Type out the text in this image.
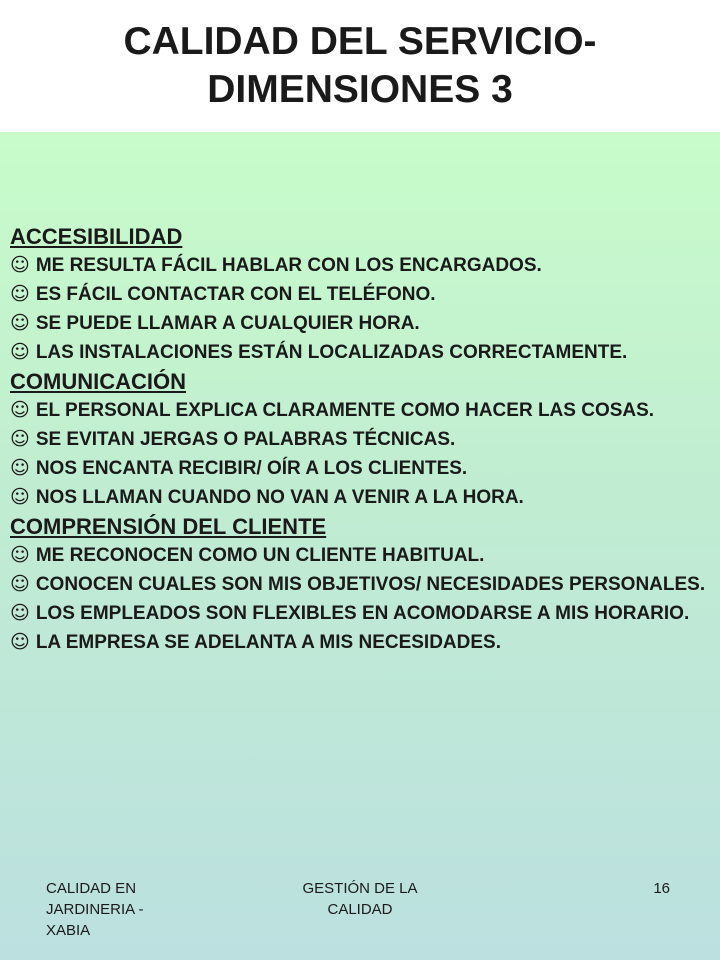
CALIDAD DEL SERVICIO-
DIMENSIONES 3
ACCESIBILIDAD
☺ ME RESULTA FÁCIL HABLAR CON LOS ENCARGADOS.
☺ ES FÁCIL CONTACTAR CON EL TELÉFONO.
☺ SE PUEDE LLAMAR A CUALQUIER HORA.
☺ LAS INSTALACIONES ESTÁN LOCALIZADAS CORRECTAMENTE.
COMUNICACIÓN
☺ EL PERSONAL EXPLICA CLARAMENTE COMO HACER LAS COSAS.
☺ SE EVITAN JERGAS O PALABRAS TÉCNICAS.
☺ NOS ENCANTA RECIBIR/ OÍR A LOS CLIENTES.
☺ NOS LLAMAN CUANDO NO VAN A VENIR A LA HORA.
COMPRENSIÓN DEL CLIENTE
☺ ME RECONOCEN COMO UN CLIENTE HABITUAL.
☺ CONOCEN CUALES SON MIS OBJETIVOS/ NECESIDADES PERSONALES.
☺ LOS EMPLEADOS SON FLEXIBLES EN ACOMODARSE A MIS HORARIO.
☺ LA EMPRESA SE ADELANTA A MIS NECESIDADES.
CALIDAD EN
JARDINERIA -
XABIA
GESTIÓN DE LA
CALIDAD
16
